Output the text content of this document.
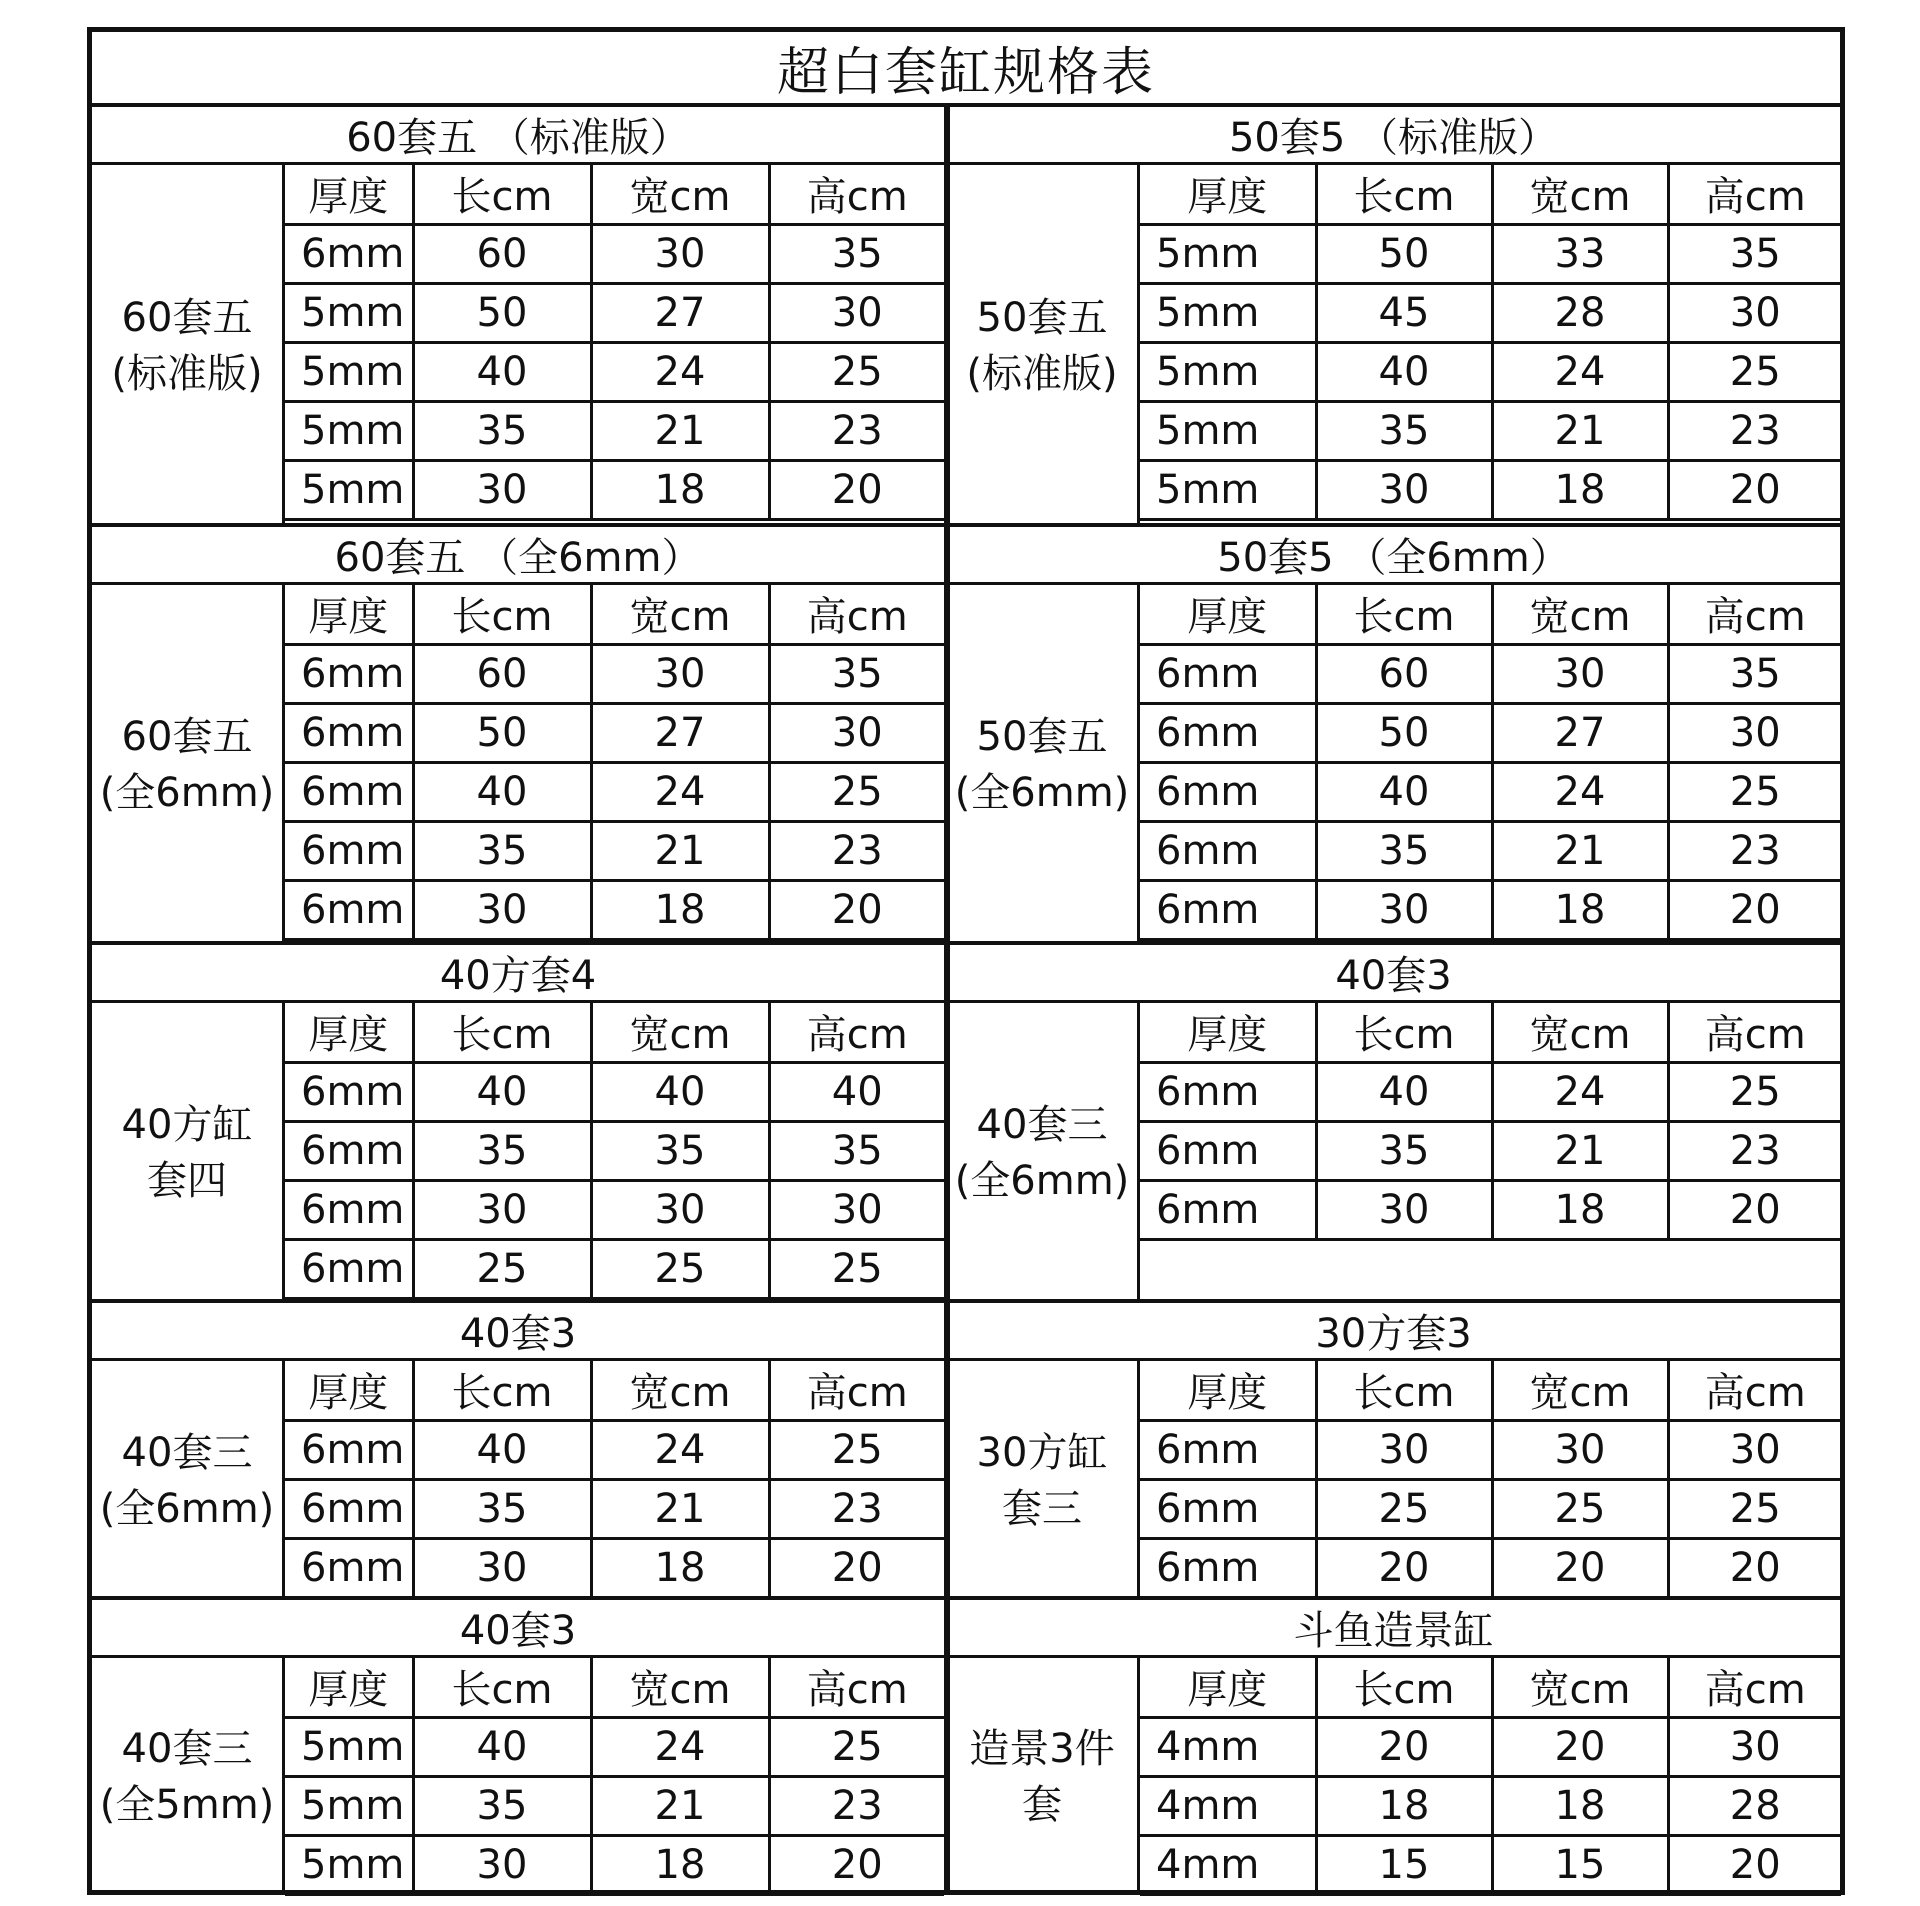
超白套缸规格表
60套五 （标准版）
60套五
(标准版)
厚度	长cm	宽cm	高cm
6mm	60	30	35
5mm	50	27	30
5mm	40	24	25
5mm	35	21	23
5mm	30	18	20
50套5 （标准版）
50套五
(标准版)
厚度	长cm	宽cm	高cm
5mm	50	33	35
5mm	45	28	30
5mm	40	24	25
5mm	35	21	23
5mm	30	18	20
60套五 （全6mm）
60套五
(全6mm)
厚度	长cm	宽cm	高cm
6mm	60	30	35
6mm	50	27	30
6mm	40	24	25
6mm	35	21	23
6mm	30	18	20
50套5 （全6mm）
50套五
(全6mm)
厚度	长cm	宽cm	高cm
6mm	60	30	35
6mm	50	27	30
6mm	40	24	25
6mm	35	21	23
6mm	30	18	20
40方套4
40方缸
套四
厚度	长cm	宽cm	高cm
6mm	40	40	40
6mm	35	35	35
6mm	30	30	30
6mm	25	25	25
40套3
40套三
(全6mm)
厚度	长cm	宽cm	高cm
6mm	40	24	25
6mm	35	21	23
6mm	30	18	20
40套3
40套三
(全6mm)
厚度	长cm	宽cm	高cm
6mm	40	24	25
6mm	35	21	23
6mm	30	18	20
30方套3
30方缸
套三
厚度	长cm	宽cm	高cm
6mm	30	30	30
6mm	25	25	25
6mm	20	20	20
40套3
40套三
(全5mm)
厚度	长cm	宽cm	高cm
5mm	40	24	25
5mm	35	21	23
5mm	30	18	20
斗鱼造景缸
造景3件
套
厚度	长cm	宽cm	高cm
4mm	20	20	30
4mm	18	18	28
4mm	15	15	20
